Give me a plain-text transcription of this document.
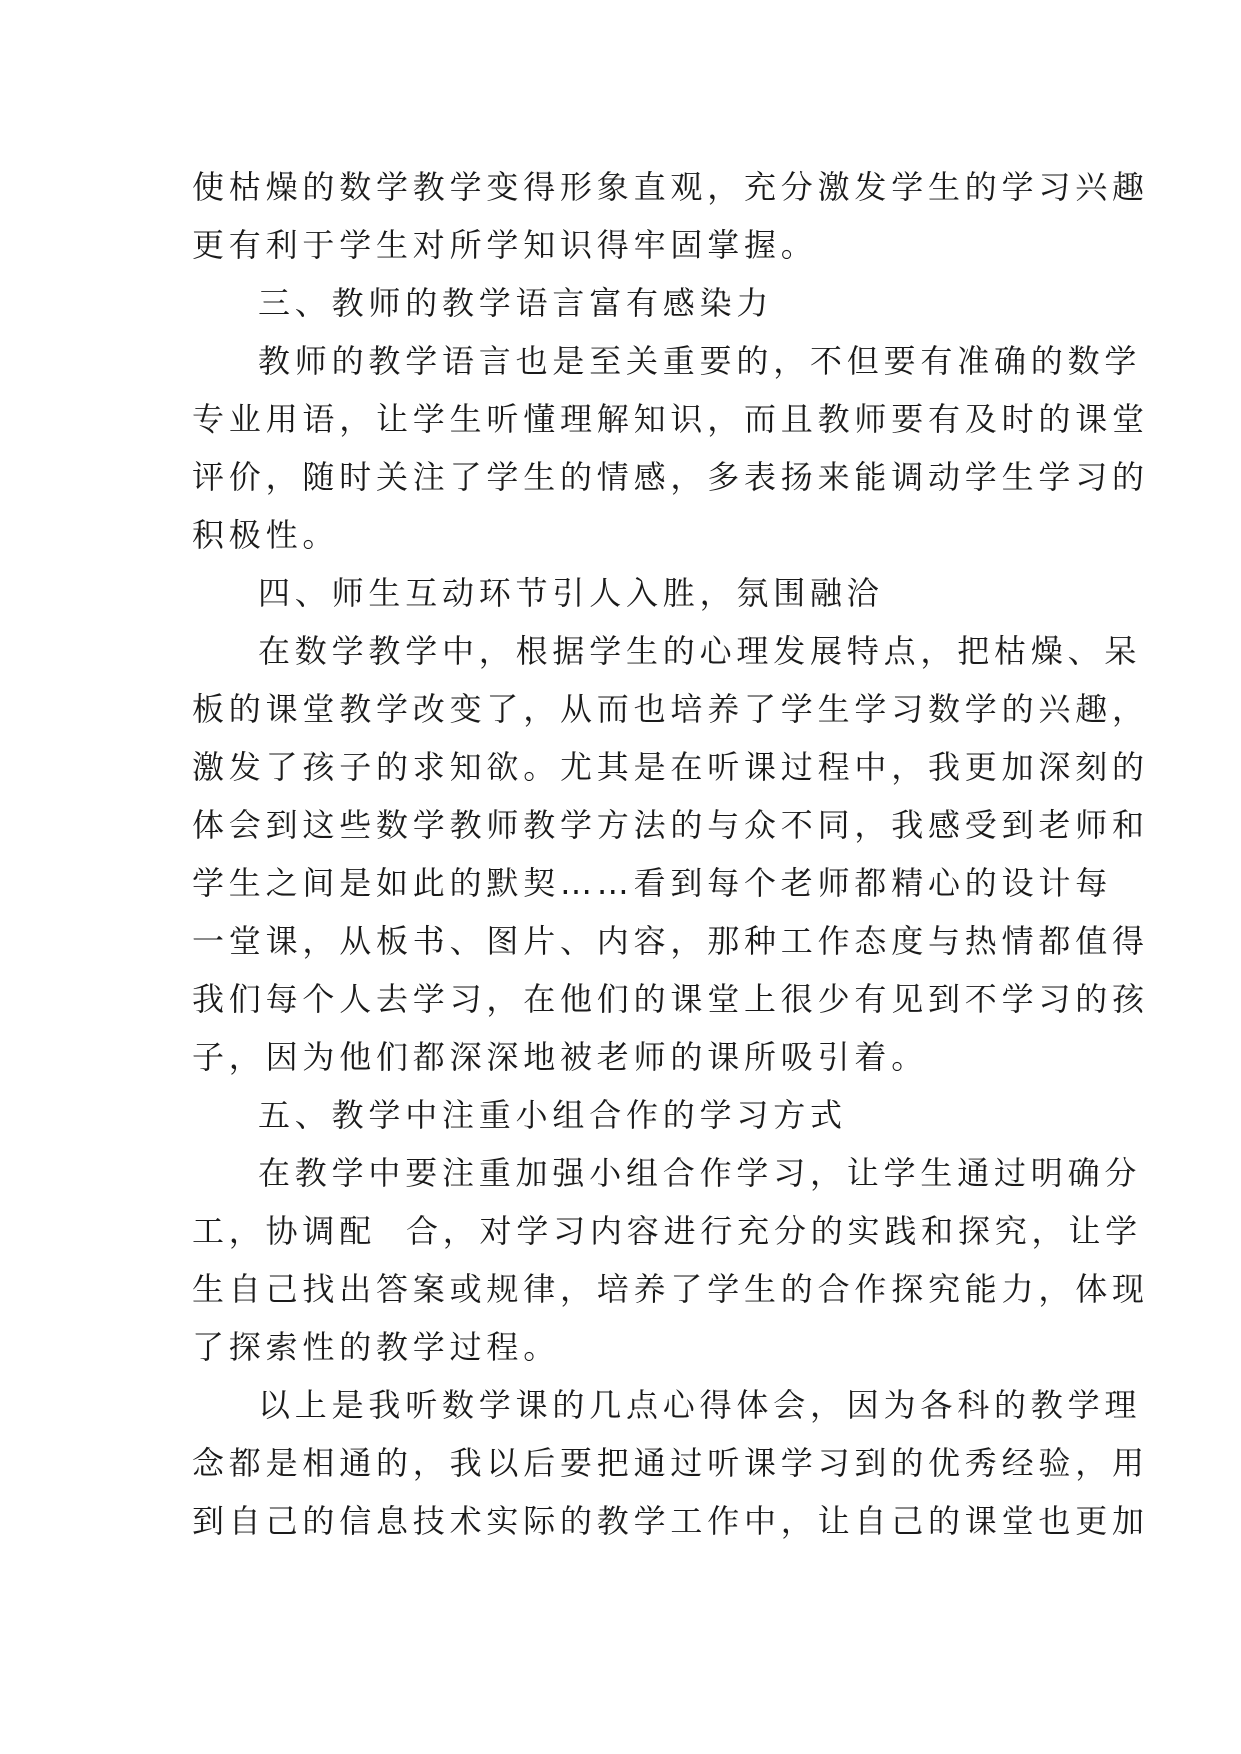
使枯燥的数学教学变得形象直观，充分激发学生的学习兴趣
更有利于学生对所学知识得牢固掌握。
三、教师的教学语言富有感染力
教师的教学语言也是至关重要的，不但要有准确的数学
专业用语，让学生听懂理解知识，而且教师要有及时的课堂
评价，随时关注了学生的情感，多表扬来能调动学生学习的
积极性。
四、师生互动环节引人入胜，氛围融洽
在数学教学中，根据学生的心理发展特点，把枯燥、呆
板的课堂教学改变了，从而也培养了学生学习数学的兴趣，
激发了孩子的求知欲。尤其是在听课过程中，我更加深刻的
体会到这些数学教师教学方法的与众不同，我感受到老师和
学生之间是如此的默契……看到每个老师都精心的设计每
一堂课，从板书、图片、内容，那种工作态度与热情都值得
我们每个人去学习，在他们的课堂上很少有见到不学习的孩
子，因为他们都深深地被老师的课所吸引着。
五、教学中注重小组合作的学习方式
在教学中要注重加强小组合作学习，让学生通过明确分
工，协调配  合，对学习内容进行充分的实践和探究，让学
生自己找出答案或规律，培养了学生的合作探究能力，体现
了探索性的教学过程。
以上是我听数学课的几点心得体会，因为各科的教学理
念都是相通的，我以后要把通过听课学习到的优秀经验，用
到自己的信息技术实际的教学工作中，让自己的课堂也更加
